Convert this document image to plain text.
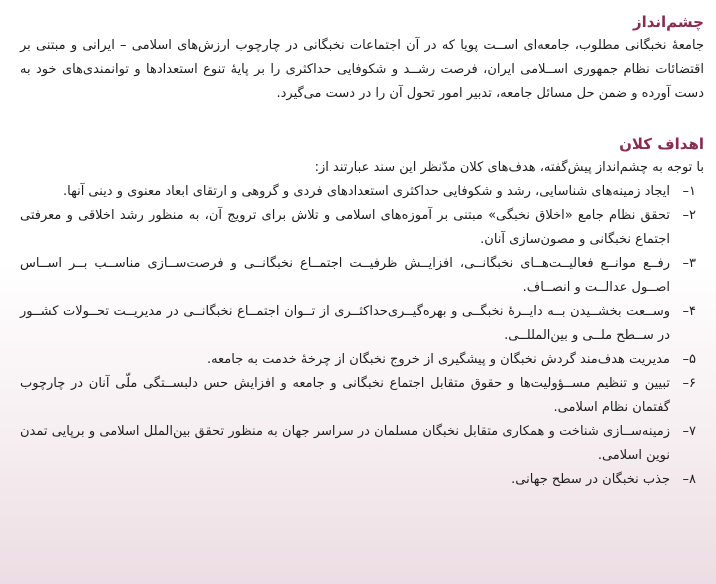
چشم‌انداز

جامعهٔ نخبگانی مطلوب، جامعه‌ای اســت پویا که در آن اجتماعات نخبگانی در چارچوب ارزش‌های اسلامی – ایرانی و مبتنی بر اقتضائات نظام جمهوری اســلامی ایران، فرصت رشــد و شکوفایی حداکثری را بر پایهٔ تنوع استعدادها و توانمندی‌های خود به دست آورده و ضمن حل مسائل جامعه، تدبیر امور تحول آن را در دست می‌گیرد.

اهداف کلان

با توجه به چشم‌انداز پیش‌گفته، هدف‌های کلان مدّنظر این سند عبارتند از:

۱–
ایجاد زمینه‌های شناسایی، رشد و شکوفایی حداکثری استعدادهای فردی و گروهی و ارتقای ابعاد معنوی و دینی آنها.
۲–
تحقق نظام جامع «اخلاق نخبگی» مبتنی بر آموزه‌های اسلامی و تلاش برای ترویج آن، به منظور رشد اخلاقی و معرفتی اجتماع نخبگانی و مصون‌سازی آنان.
۳–
رفــع موانــع فعالیــت‌هــای نخبگانــی، افزایــش ظرفیــت اجتمــاع نخبگانــی و فرصت‌ســازی مناســب بــر اســاس اصــول عدالــت و انصــاف.
۴–
وســعت بخشــیدن بــه دایــرهٔ نخبگــی و بهره‌گیــری‌حداکثــری از تــوان اجتمــاع نخبگانــی در مدیریــت تحــولات کشــور در ســطح ملــی و بین‌المللــی.
۵–
مدیریت هدف‌مند گردش نخبگان و پیشگیری از خروج نخبگان از چرخهٔ خدمت به جامعه.
۶–
تبیین و تنظیم مســؤولیت‌ها و حقوق متقابل اجتماع نخبگانی و جامعه و افزایش حس دلبســتگی ملّی آنان در چارچوب گفتمان نظام اسلامی.
۷–
زمینه‌ســازی شناخت و همکاری متقابل نخبگان مسلمان در سراسر جهان به منظور تحقق بین‌الملل اسلامی و برپایی تمدن نوین اسلامی.
۸–
جذب نخبگان در سطح جهانی.
